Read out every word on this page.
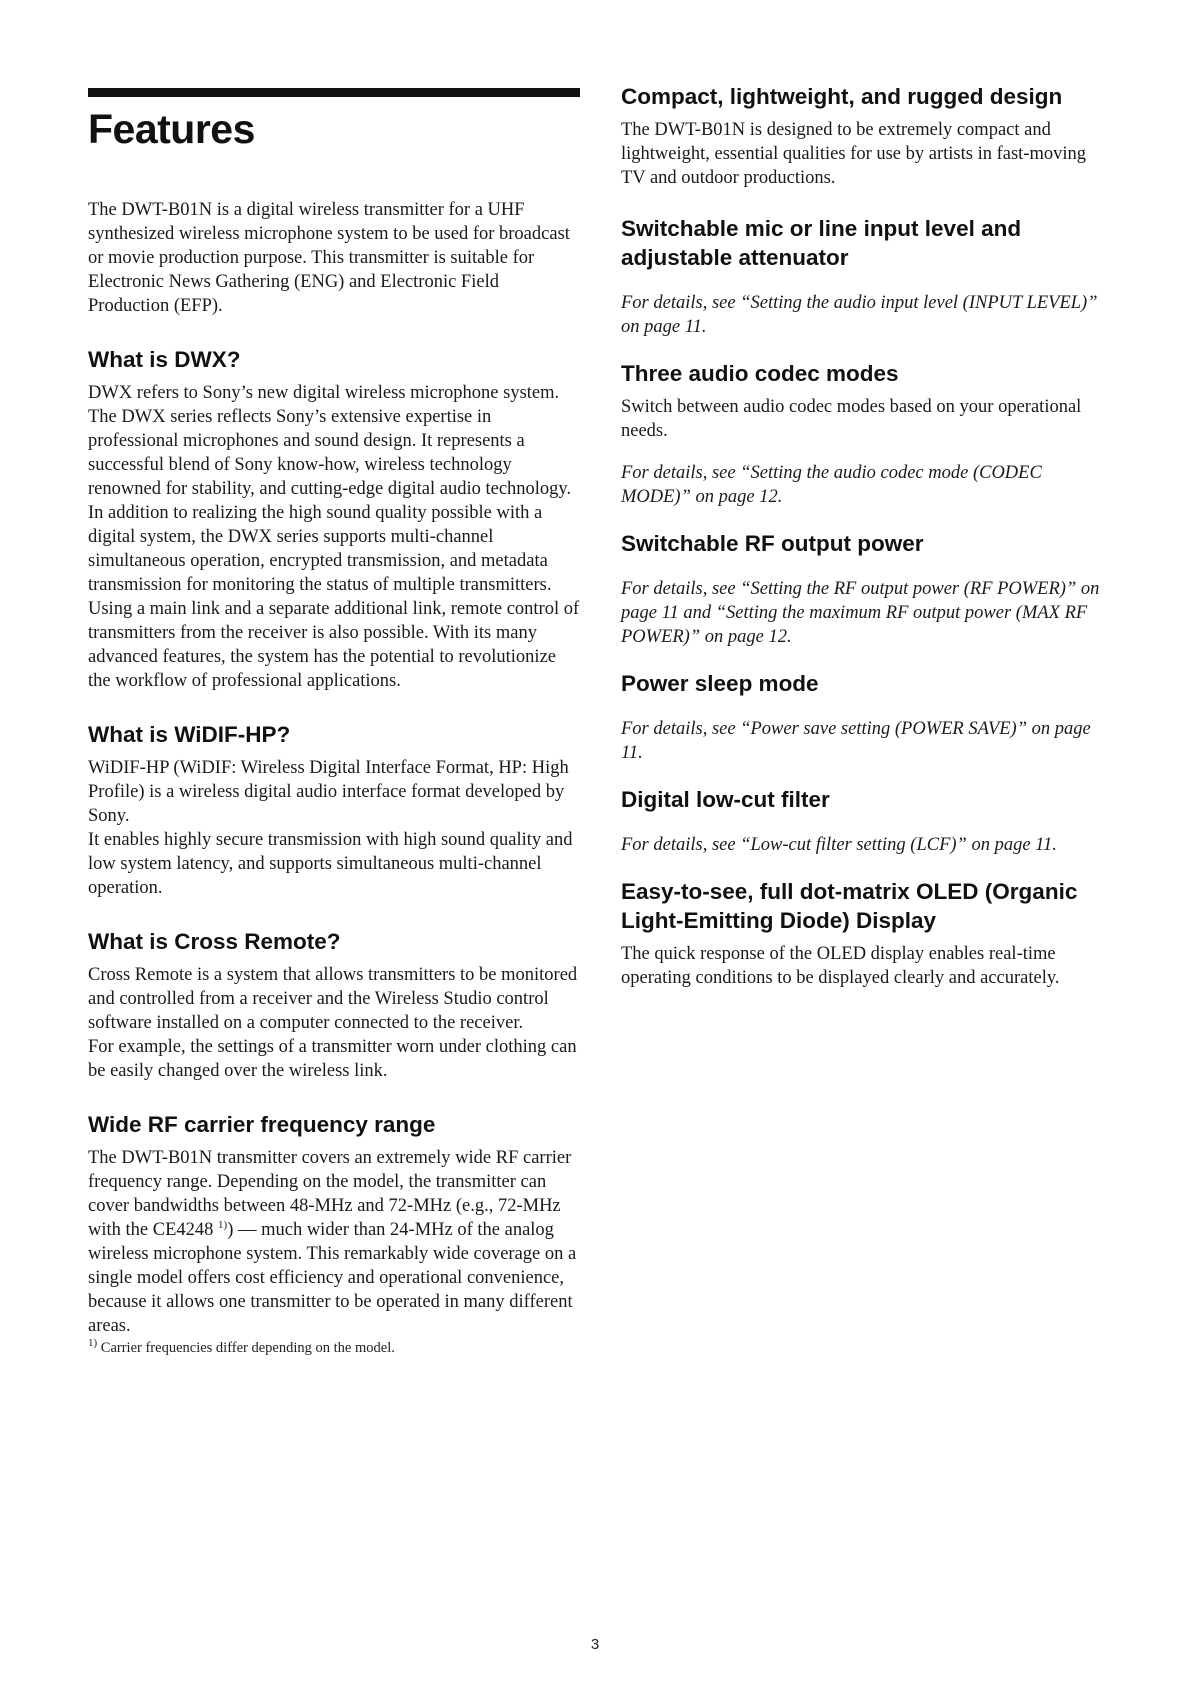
Features

The DWT-B01N is a digital wireless transmitter for a UHF synthesized wireless microphone system to be used for broadcast or movie production purpose. This transmitter is suitable for Electronic News Gathering (ENG) and Electronic Field Production (EFP).

What is DWX?

DWX refers to Sony’s new digital wireless microphone system. The DWX series reflects Sony’s extensive expertise in professional microphones and sound design. It represents a successful blend of Sony know-how, wireless technology renowned for stability, and cutting-edge digital audio technology.

In addition to realizing the high sound quality possible with a digital system, the DWX series supports multi-channel simultaneous operation, encrypted transmission, and metadata transmission for monitoring the status of multiple transmitters. Using a main link and a separate additional link, remote control of transmitters from the receiver is also possible. With its many advanced features, the system has the potential to revolutionize the workflow of professional applications.

What is WiDIF-HP?

WiDIF-HP (WiDIF: Wireless Digital Interface Format, HP: High Profile) is a wireless digital audio interface format developed by Sony.

It enables highly secure transmission with high sound quality and low system latency, and supports simultaneous multi-channel operation.

What is Cross Remote?

Cross Remote is a system that allows transmitters to be monitored and controlled from a receiver and the Wireless Studio control software installed on a computer connected to the receiver.

For example, the settings of a transmitter worn under clothing can be easily changed over the wireless link.

Wide RF carrier frequency range

The DWT-B01N transmitter covers an extremely wide RF carrier frequency range. Depending on the model, the transmitter can cover bandwidths between 48-MHz and 72-MHz (e.g., 72-MHz with the CE4248 $^{1)}$) — much wider than 24-MHz of the analog wireless microphone system. This remarkably wide coverage on a single model offers cost efficiency and operational convenience, because it allows one transmitter to be operated in many different areas.

$^{1)}$ Carrier frequencies differ depending on the model.

Compact, lightweight, and rugged design

The DWT-B01N is designed to be extremely compact and lightweight, essential qualities for use by artists in fast-moving TV and outdoor productions.

Switchable mic or line input level and adjustable attenuator

For details, see “Setting the audio input level (INPUT LEVEL)” on page 11.

Three audio codec modes

Switch between audio codec modes based on your operational needs.

For details, see “Setting the audio codec mode (CODEC MODE)” on page 12.

Switchable RF output power

For details, see “Setting the RF output power (RF POWER)” on page 11 and “Setting the maximum RF output power (MAX RF POWER)” on page 12.

Power sleep mode

For details, see “Power save setting (POWER SAVE)” on page 11.

Digital low-cut filter

For details, see “Low-cut filter setting (LCF)” on page 11.

Easy-to-see, full dot-matrix OLED (Organic Light-Emitting Diode) Display

The quick response of the OLED display enables real-time operating conditions to be displayed clearly and accurately.

3
